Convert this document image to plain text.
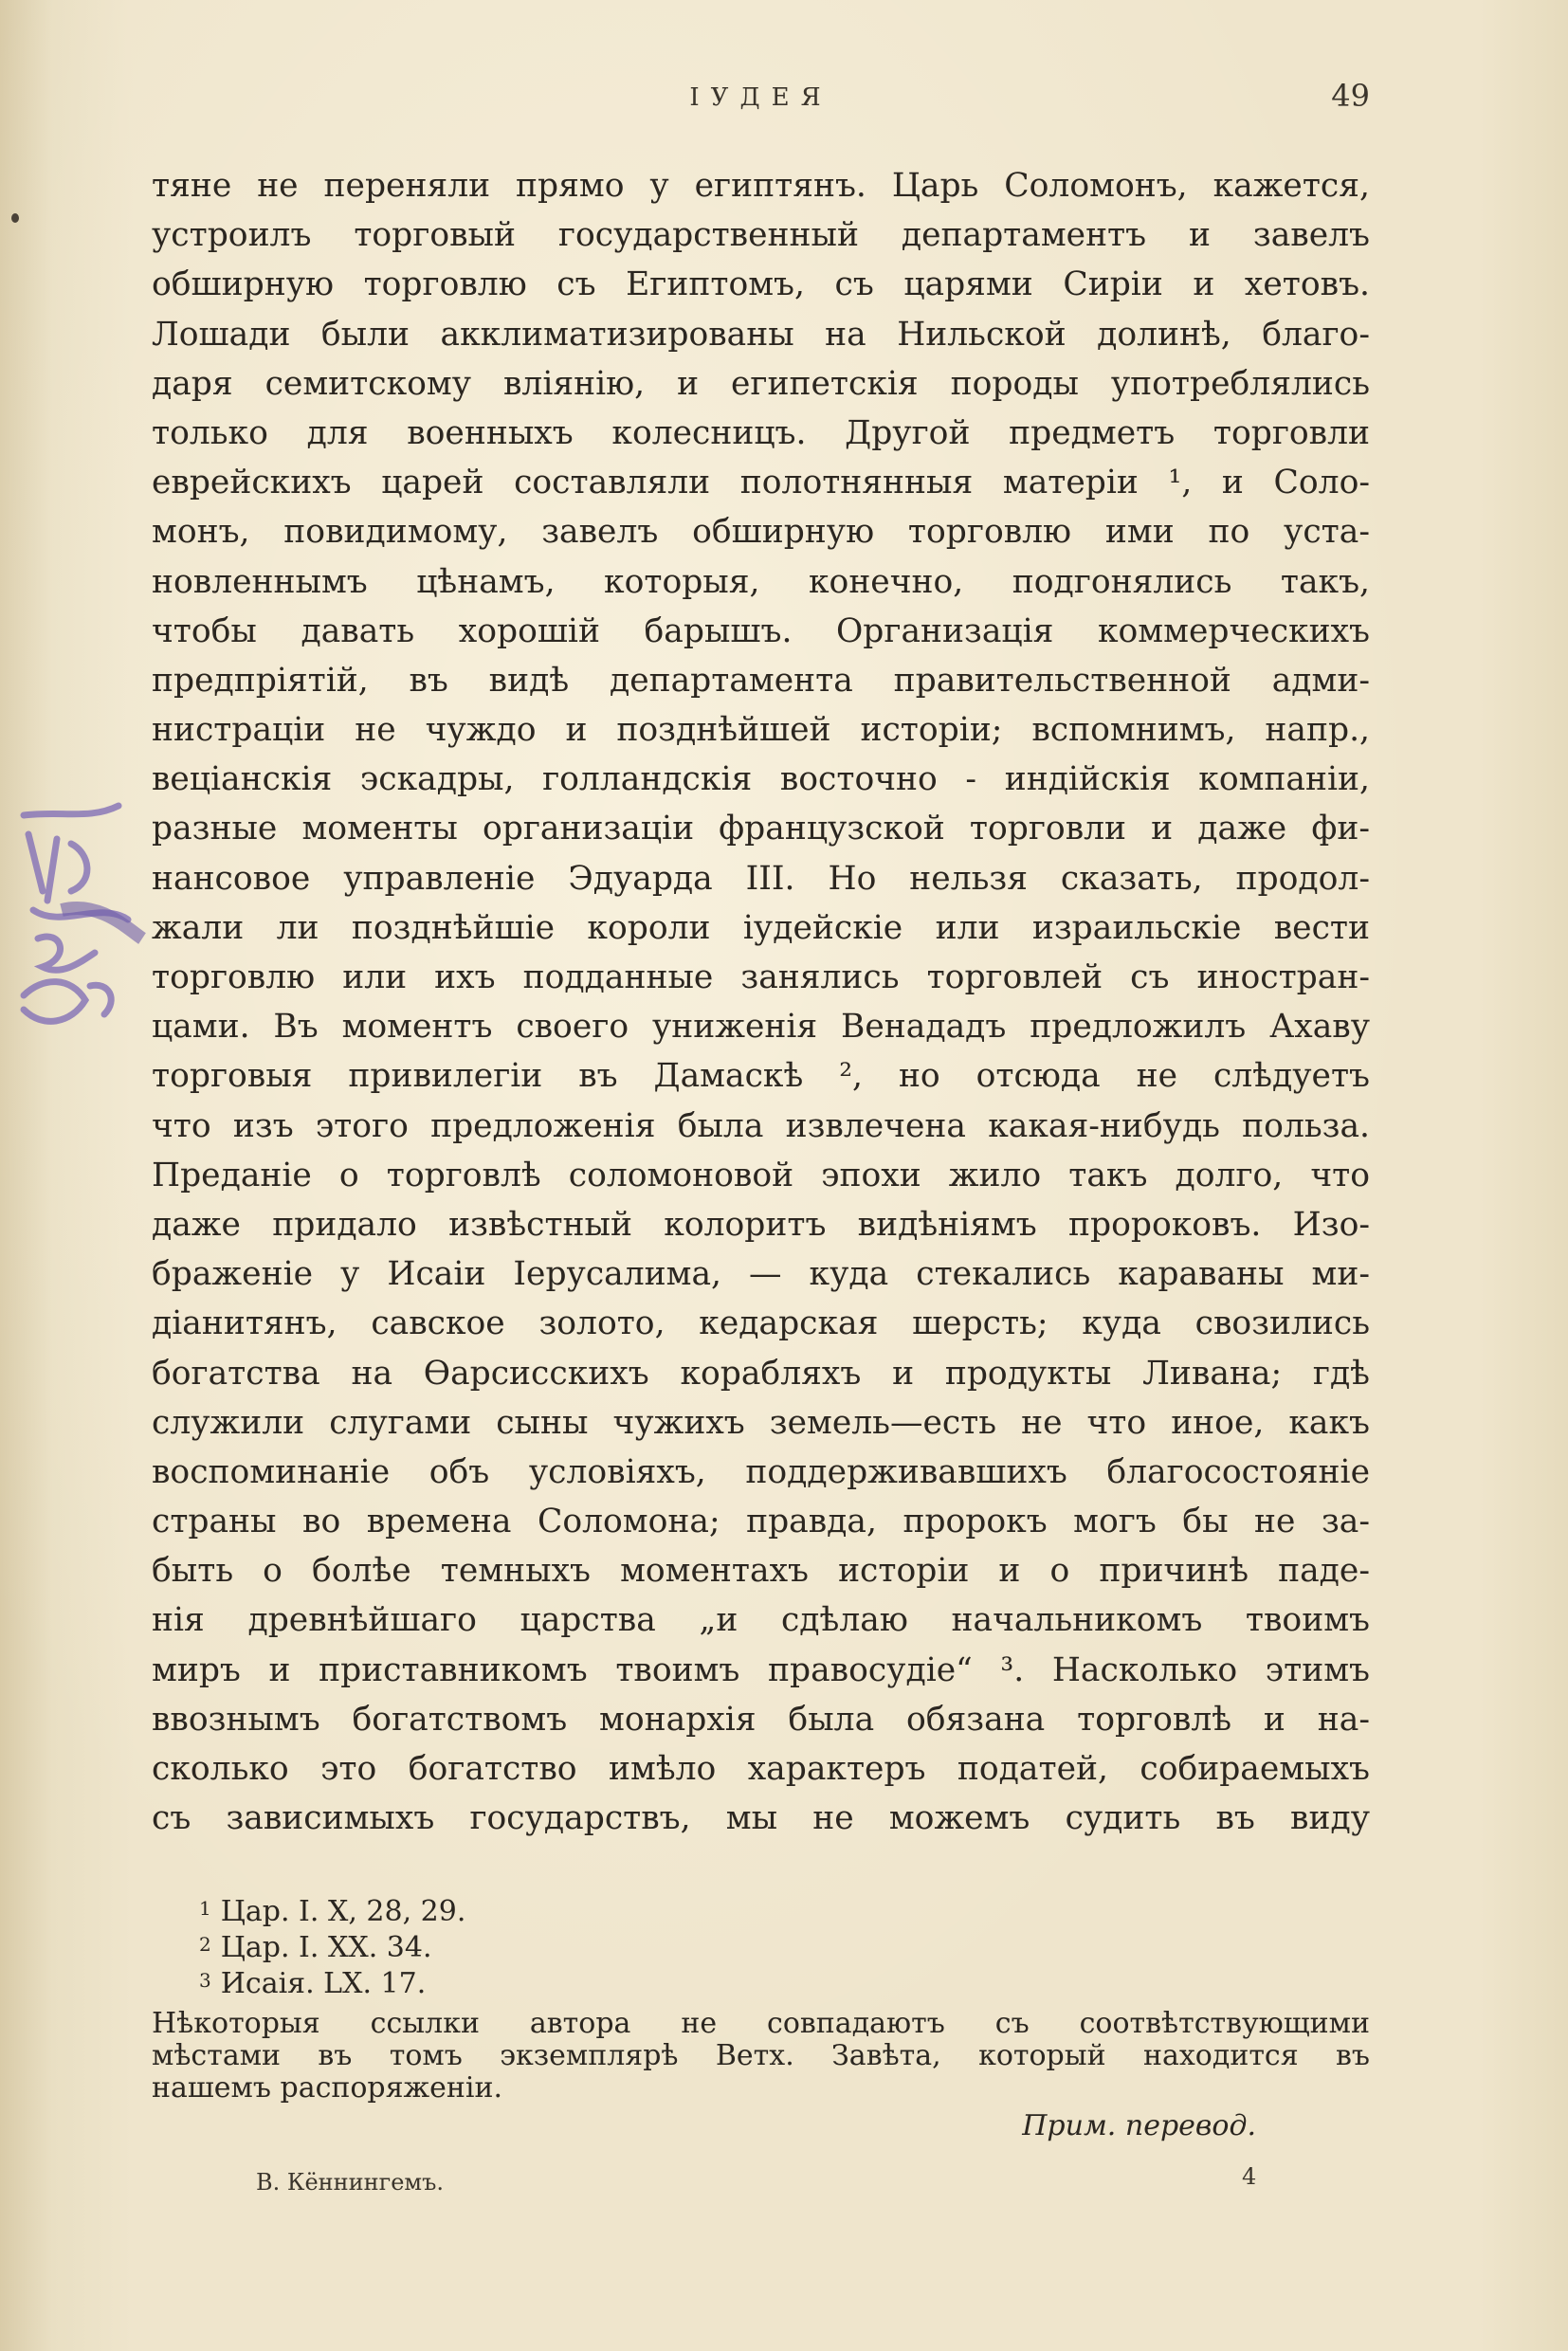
ІУДЕЯ	49
тяне не переняли прямо у египтянъ. Царь Соломонъ, кажется,
устроилъ торговый государственный департаментъ и завелъ
обширную торговлю съ Египтомъ, съ царями Сиріи и хетовъ.
Лошади были акклиматизированы на Нильской долинѣ, благо-
даря семитскому вліянію, и египетскія породы употреблялись
только для военныхъ колесницъ. Другой предметъ торговли
еврейскихъ царей составляли полотнянныя матеріи ¹, и Соло-
монъ, повидимому, завелъ обширную торговлю ими по уста-
новленнымъ цѣнамъ, которыя, конечно, подгонялись такъ,
чтобы давать хорошій барышъ. Организація коммерческихъ
предпріятій, въ видѣ департамента правительственной адми-
нистраціи не чуждо и позднѣйшей исторіи; вспомнимъ, напр.,
веціанскія эскадры, голландскія восточно - индійскія компаніи,
разные моменты организаціи французской торговли и даже фи-
нансовое управленіе Эдуарда III. Но нельзя сказать, продол-
жали ли позднѣйшіе короли іудейскіе или израильскіе вести
торговлю или ихъ подданные занялись торговлей съ иностран-
цами. Въ моментъ своего униженія Венададъ предложилъ Ахаву
торговыя привилегіи въ Дамаскѣ ², но отсюда не слѣдуетъ
что изъ этого предложенія была извлечена какая-нибудь польза.
Преданіе о торговлѣ соломоновой эпохи жило такъ долго, что
даже придало извѣстный колоритъ видѣніямъ пророковъ. Изо-
браженіе у Исаіи Іерусалима, — куда стекались караваны ми-
діанитянъ, савское золото, кедарская шерсть; куда свозились
богатства на Ѳарсисскихъ корабляхъ и продукты Ливана; гдѣ
служили слугами сыны чужихъ земель—есть не что иное, какъ
воспоминаніе объ условіяхъ, поддерживавшихъ благосостояніе
страны во времена Соломона; правда, пророкъ могъ бы не за-
быть о болѣе темныхъ моментахъ исторіи и о причинѣ паде-
нія древнѣйшаго царства „и сдѣлаю начальникомъ твоимъ
миръ и приставникомъ твоимъ правосудіе“ ³. Насколько этимъ
ввознымъ богатствомъ монархія была обязана торговлѣ и на-
сколько это богатство имѣло характеръ податей, собираемыхъ
съ зависимыхъ государствъ, мы не можемъ судить въ виду
$^1$ Цар. I. X, 28, 29.
$^2$ Цар. I. XX. 34.
$^3$ Исаія. LX. 17.
Нѣкоторыя ссылки автора не совпадаютъ съ соотвѣтствующими
мѣстами въ томъ экземплярѣ Ветх. Завѣта, который находится въ
нашемъ распоряженіи.
Прим. перевод.
В. Кённингемъ.	4
